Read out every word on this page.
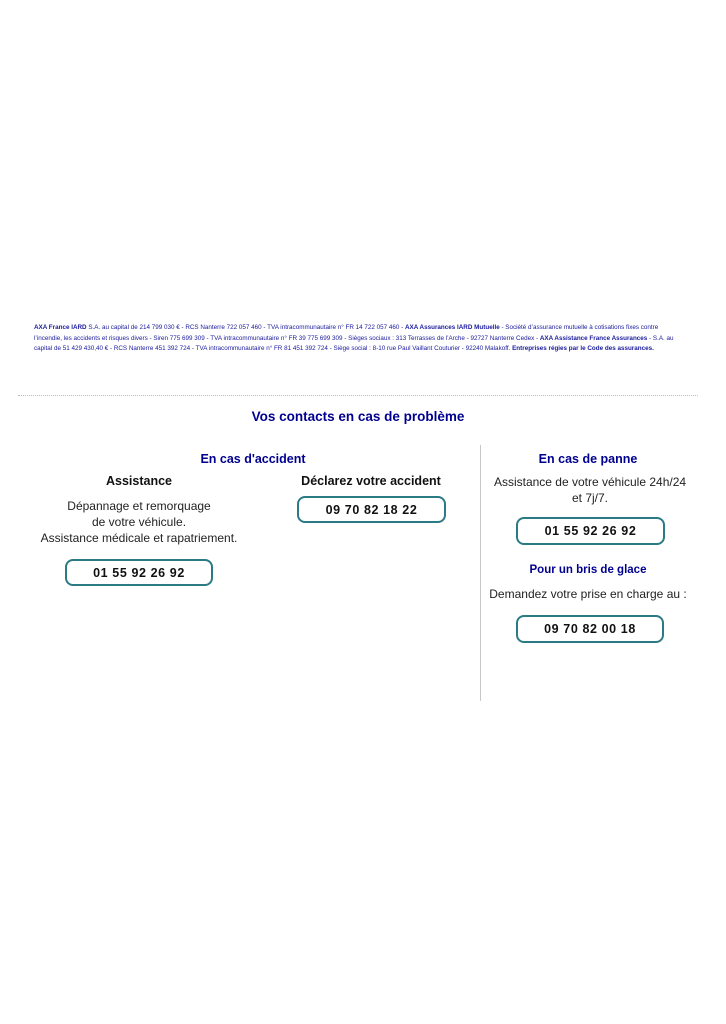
AXA France IARD S.A. au capital de 214 799 030 € - RCS Nanterre 722 057 460 - TVA intracommunautaire n° FR 14 722 057 460 - AXA Assurances IARD Mutuelle - Société d’assurance mutuelle à cotisations fixes contre l’incendie, les accidents et risques divers - Siren 775 699 309 - TVA intracommunautaire n° FR 39 775 699 309 - Sièges sociaux : 313 Terrasses de l’Arche - 92727 Nanterre Cedex - AXA Assistance France Assurances - S.A. au capital de 51 429 430,40 € - RCS Nanterre 451 392 724 - TVA intracommunautaire n° FR 81 451 392 724 - Siège social : 8-10 rue Paul Vaillant Couturier - 92240 Malakoff. Entreprises régies par le Code des assurances.
Vos contacts en cas de problème
En cas d'accident
Assistance
Dépannage et remorquage
de votre véhicule.
Assistance médicale et rapatriement.
01 55 92 26 92
Déclarez votre accident
09 70 82 18 22
En cas de panne
Assistance de votre véhicule 24h/24
et 7j/7.
01 55 92 26 92
Pour un bris de glace
Demandez votre prise en charge au :
09 70 82 00 18
